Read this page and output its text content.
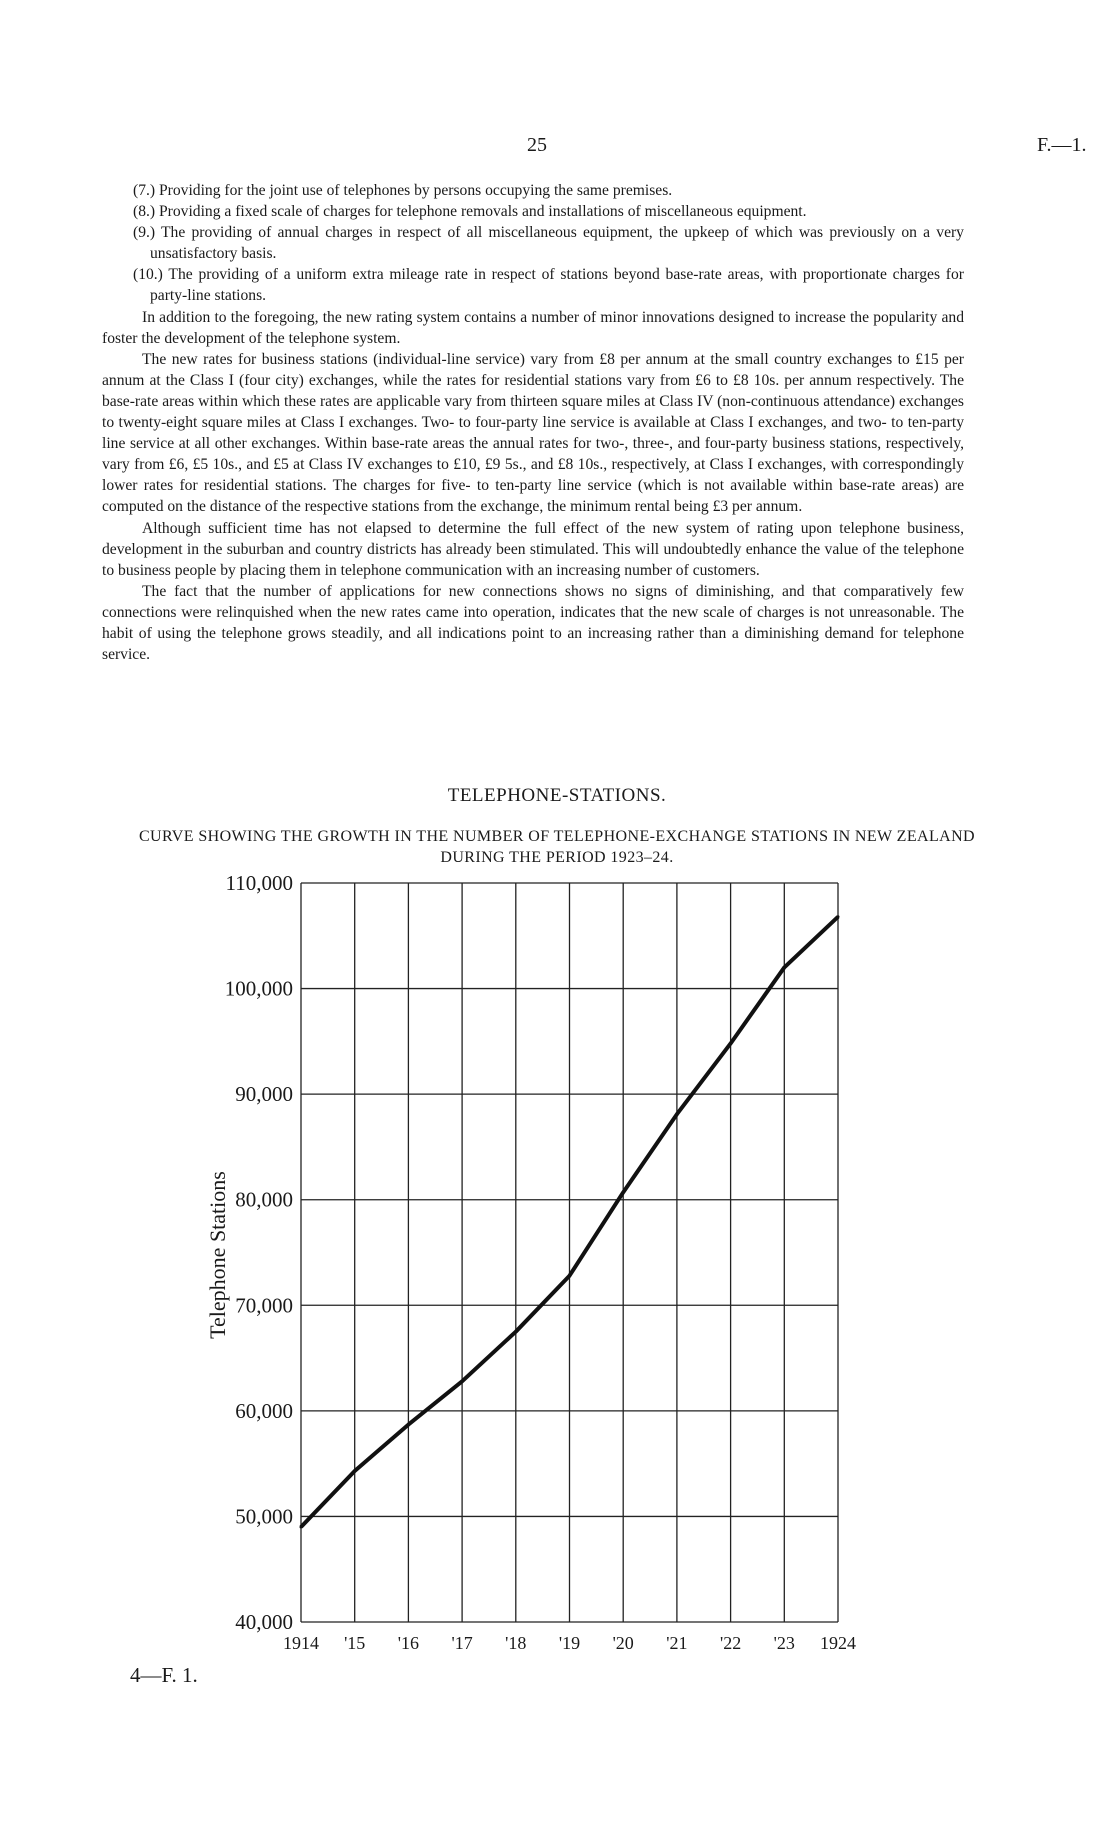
25	F.—1.

(7.) Providing for the joint use of telephones by persons occupying the same premises.

(8.) Providing a fixed scale of charges for telephone removals and installations of miscellaneous equipment.

(9.) The providing of annual charges in respect of all miscellaneous equipment, the upkeep of which was previously on a very unsatisfactory basis.

(10.) The providing of a uniform extra mileage rate in respect of stations beyond base-rate areas, with proportionate charges for party-line stations.

In addition to the foregoing, the new rating system contains a number of minor innovations designed to increase the popularity and foster the development of the telephone system.

The new rates for business stations (individual-line service) vary from £8 per annum at the small country exchanges to £15 per annum at the Class I (four city) exchanges, while the rates for residential stations vary from £6 to £8 10s. per annum respectively. The base-rate areas within which these rates are applicable vary from thirteen square miles at Class IV (non-continuous attendance) exchanges to twenty-eight square miles at Class I exchanges. Two- to four-party line service is available at Class I exchanges, and two- to ten-party line service at all other exchanges. Within base-rate areas the annual rates for two-, three-, and four-party business stations, respectively, vary from £6, £5 10s., and £5 at Class IV exchanges to £10, £9 5s., and £8 10s., respectively, at Class I exchanges, with correspondingly lower rates for residential stations. The charges for five- to ten-party line service (which is not available within base-rate areas) are computed on the distance of the respective stations from the exchange, the minimum rental being £3 per annum.

Although sufficient time has not elapsed to determine the full effect of the new system of rating upon telephone business, development in the suburban and country districts has already been stimulated. This will undoubtedly enhance the value of the telephone to business people by placing them in telephone communication with an increasing number of customers.

The fact that the number of applications for new connections shows no signs of diminishing, and that comparatively few connections were relinquished when the new rates came into operation, indicates that the new scale of charges is not unreasonable. The habit of using the telephone grows steadily, and all indications point to an increasing rather than a diminishing demand for telephone service.

TELEPHONE-STATIONS.
CURVE SHOWING THE GROWTH IN THE NUMBER OF TELEPHONE-EXCHANGE STATIONS IN NEW ZEALAND DURING THE PERIOD 1923–24.
40,000
50,000
60,000
70,000
80,000
90,000
100,000
110,000
1914 '15 '16 '17 '18 '19 '20 '21 '22 '23 1924
Telephone Stations
4—F. 1.
